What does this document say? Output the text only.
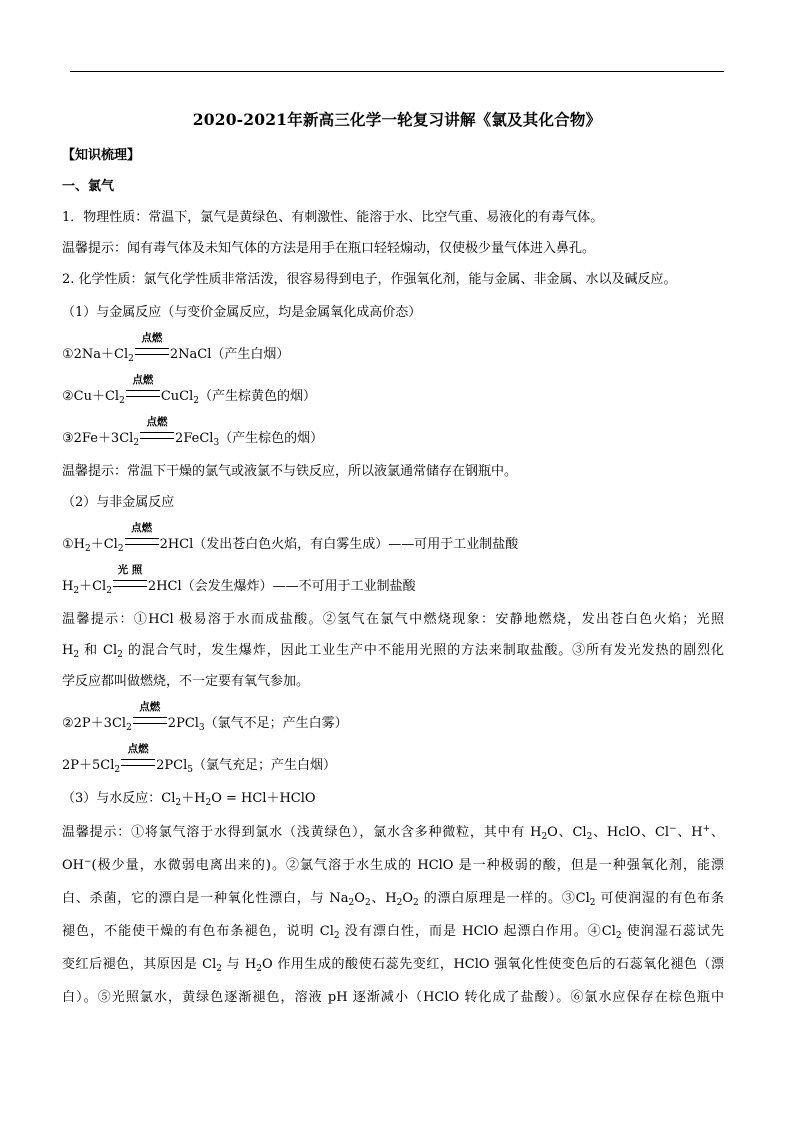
2020-2021年新高三化学一轮复习讲解《氯及其化合物》
【知识梳理】
一、氯气
1．物理性质：常温下，氯气是黄绿色、有刺激性、能溶于水、比空气重、易液化的有毒气体。
温馨提示：闻有毒气体及未知气体的方法是用手在瓶口轻轻煽动，仅使极少量气体进入鼻孔。
2. 化学性质：氯气化学性质非常活泼，很容易得到电子，作强氧化剂，能与金属、非金属、水以及碱反应。
（1）与金属反应（与变价金属反应，均是金属氧化成高价态）
$①2Na+Cl_2$
点燃
2NaCl（产生白烟）
$②Cu+Cl_2$
点燃
CuCl$_2$（产生棕黄色的烟）
$③2Fe+3Cl_2$
点燃
2FeCl$_3$（产生棕色的烟）
温馨提示：常温下干燥的氯气或液氯不与铁反应，所以液氯通常储存在钢瓶中。
（2）与非金属反应
$①H_2+Cl_2$
点燃
2HCl（发出苍白色火焰，有白雾生成）——可用于工业制盐酸
$H_2+Cl_2$
光 照
2HCl（会发生爆炸）——不可用于工业制盐酸
温馨提示：①HCl 极易溶于水而成盐酸。②氢气在氯气中燃烧现象：安静地燃烧，发出苍白色火焰；光照
$H_2$ 和 $Cl_2$ 的混合气时，发生爆炸，因此工业生产中不能用光照的方法来制取盐酸。③所有发光发热的剧烈化
学反应都叫做燃烧，不一定要有氧气参加。
$②2P+3Cl_2$
点燃
2PCl$_3$（氯气不足；产生白雾）
$2P+5Cl_2$
点燃
2PCl$_5$（氯气充足；产生白烟）
（3）与水反应：$Cl_2+H_2O$ = HCl＋HClO
温馨提示：①将氯气溶于水得到氯水（浅黄绿色），氯水含多种微粒，其中有 $H_2O$、$Cl_2$、HclO、Cl−、H+、
OH−(极少量，水微弱电离出来的)。②氯气溶于水生成的 HClO 是一种极弱的酸，但是一种强氧化剂，能漂
白、杀菌，它的漂白是一种氧化性漂白，与 $Na_2O_2$、$H_2O_2$ 的漂白原理是一样的。$③Cl_2$ 可使润湿的有色布条
褪色，不能使干燥的有色布条褪色，说明 $Cl_2$ 没有漂白性，而是 HClO 起漂白作用。$④Cl_2$ 使润湿石蕊试先
变红后褪色，其原因是 $Cl_2$ 与 $H_2O$ 作用生成的酸使石蕊先变红，HClO 强氧化性使变色后的石蕊氧化褪色（漂
白）。⑤光照氯水，黄绿色逐渐褪色，溶液 pH 逐渐减小（HClO 转化成了盐酸）。⑥氯水应保存在棕色瓶中
